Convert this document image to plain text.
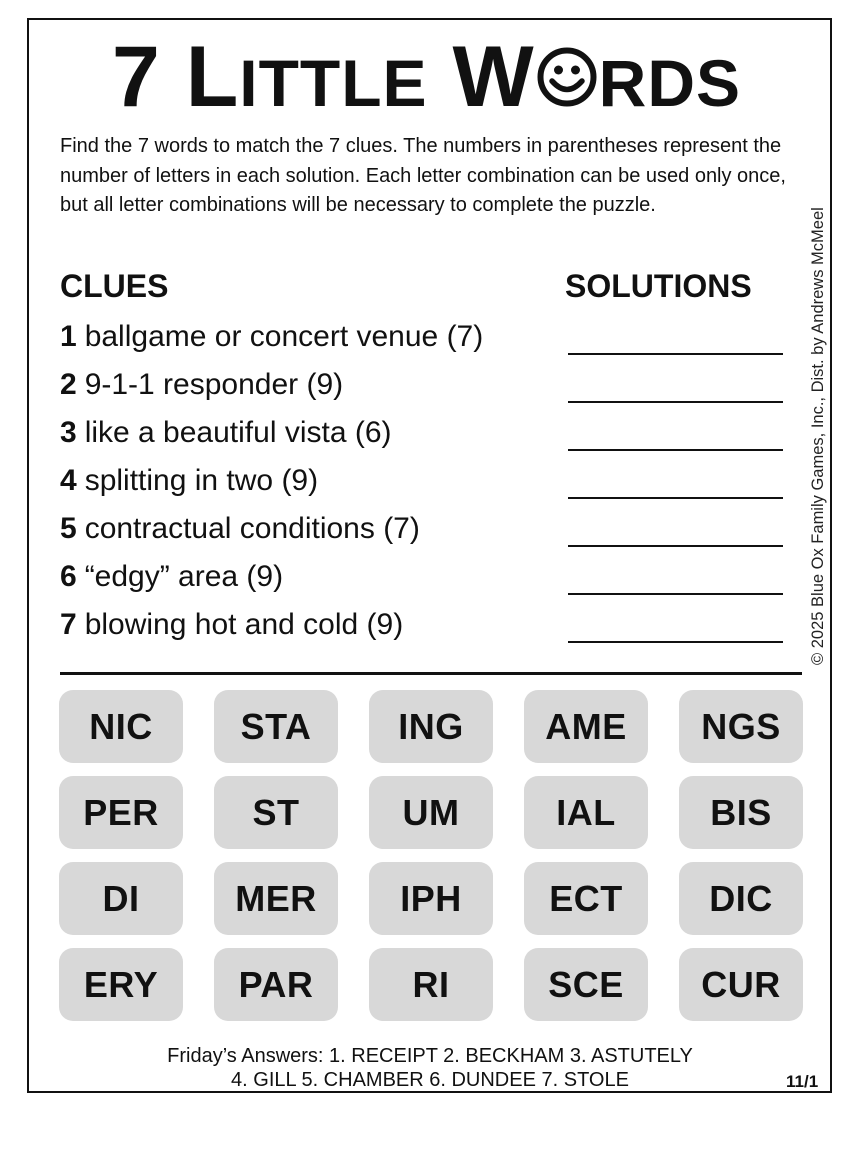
7 LITTLE W RDS
Find the 7 words to match the 7 clues. The numbers in parentheses represent the number of letters in each solution. Each letter combination can be used only once, but all letter combinations will be necessary to complete the puzzle.
© 2025 Blue Ox Family Games, Inc., Dist. by Andrews McMeel
CLUES	SOLUTIONS
1 ballgame or concert venue (7)
2 9-1-1 responder (9)
3 like a beautiful vista (6)
4 splitting in two (9)
5 contractual conditions (7)
6 “edgy” area (9)
7 blowing hot and cold (9)
NIC	STA	ING	AME	NGS
PER	ST	UM	IAL	BIS
DI	MER	IPH	ECT	DIC
ERY	PAR	RI	SCE	CUR
Friday’s Answers: 1. RECEIPT 2. BECKHAM 3. ASTUTELY
4. GILL 5. CHAMBER 6. DUNDEE 7. STOLE	11/1
